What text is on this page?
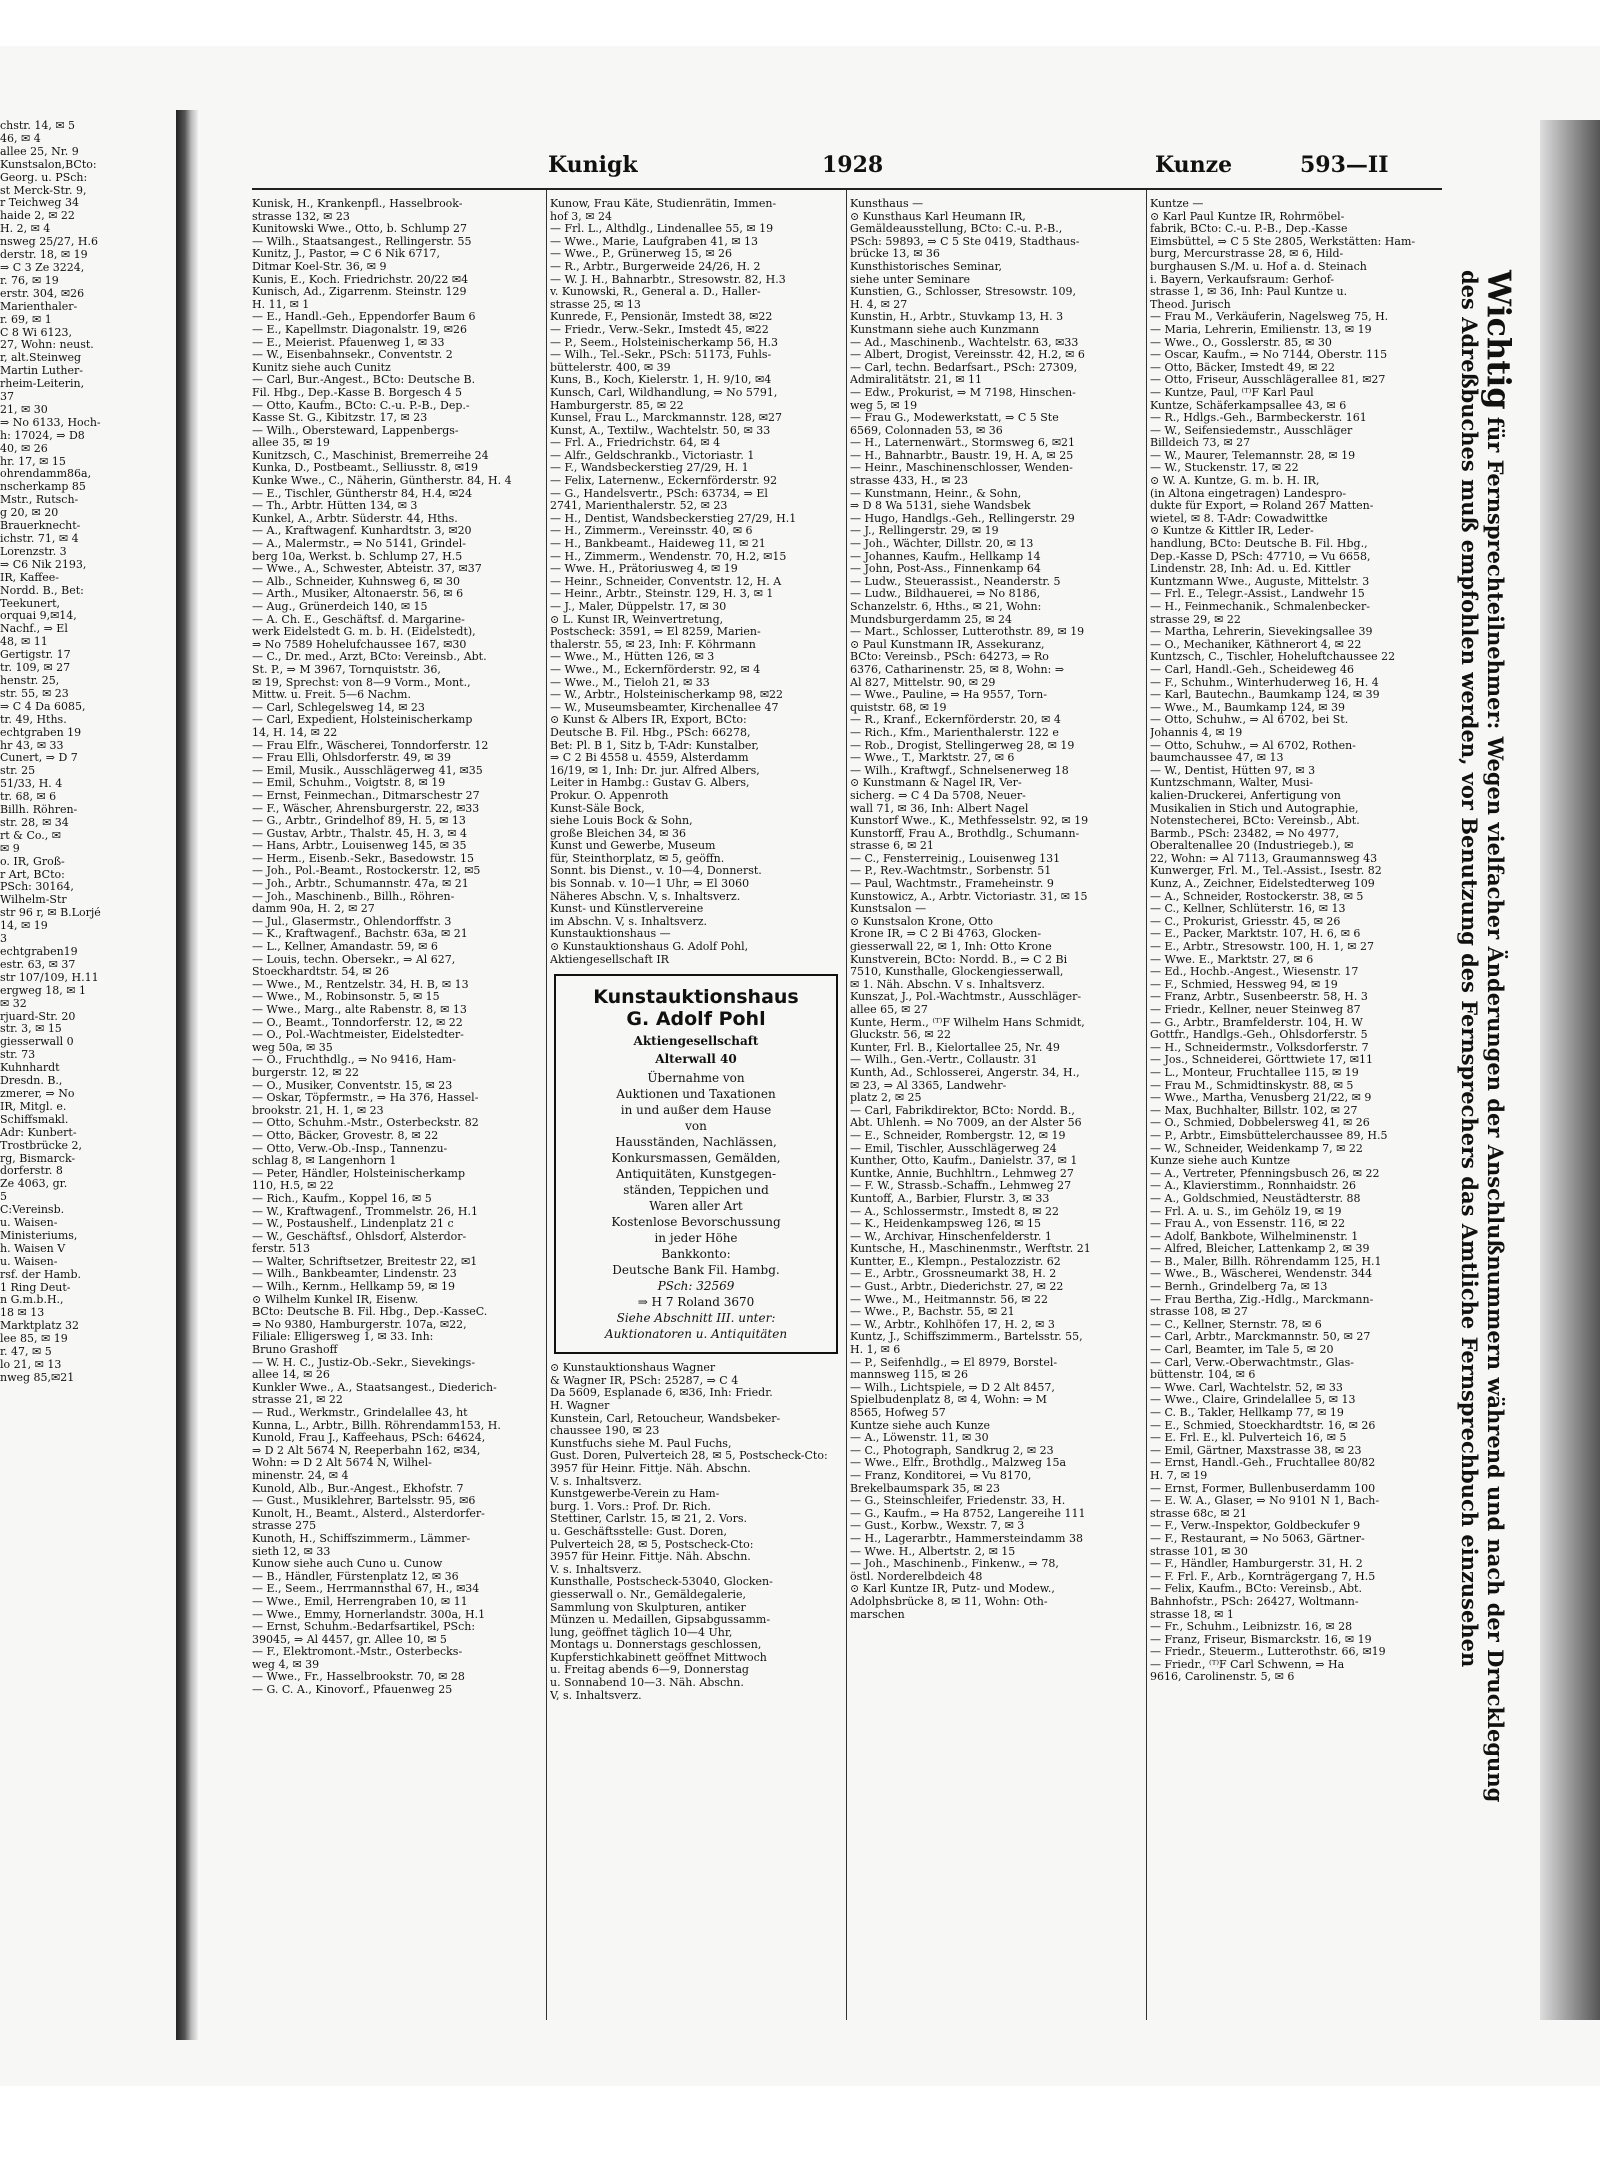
chstr. 14, ✉ 5
46, ✉ 4
allee 25, Nr. 9
Kunstsalon,BCto:
Georg. u. PSch:
st Merck-Str. 9,
r Teichweg 34
haide 2, ✉ 22
H. 2, ✉ 4
nsweg 25/27, H.6
derstr. 18, ✉ 19
⇒ C 3 Ze 3224,
r. 76, ✉ 19
erstr. 304, ✉26
Marienthaler-
r. 69, ✉ 1
C 8 Wi 6123,
27, Wohn: neust.
r, alt.Steinweg
Martin Luther-
rheim-Leiterin,
37
21, ✉ 30
⇒ No 6133, Hoch-
h: 17024, ⇒ D8
40, ✉ 26
hr. 17, ✉ 15
ohrendamm86a,
nscherkamp 85
Mstr., Rutsch-
g 20, ✉ 20
Brauerknecht-
ichstr. 71, ✉ 4
Lorenzstr. 3
⇒ C6 Nik 2193,
IR, Kaffee-
Nordd. B., Bet:
Teekunert,
orquai 9,✉14,
Nachf., ⇒ El
48, ✉ 11
Gertigstr. 17
tr. 109, ✉ 27
henstr. 25,
str. 55, ✉ 23
⇒ C 4 Da 6085,
tr. 49, Hths.
echtgraben 19
hr 43, ✉ 33
Cunert, ⇒ D 7
str. 25
51/33, H. 4
tr. 68, ✉ 6
Billh. Röhren-
str. 28, ✉ 34
rt & Co., ✉
✉ 9
o. IR, Groß-
r Art, BCto:
PSch: 30164,
Wilhelm-Str
str 96 r, ✉ B.Lorjé
14, ✉ 19
3
echtgraben19
estr. 63, ✉ 37
str 107/109, H.11
ergweg 18, ✉ 1
✉ 32
rjuard-Str. 20
str. 3, ✉ 15
giesserwall 0
str. 73
Kuhnhardt
Dresdn. B.,
zmerer, ⇒ No
IR, Mitgl. e.
Schiffsmakl.
Adr: Kunbert-
Trostbrücke 2,
rg, Bismarck-
dorferstr. 8
Ze 4063, gr.
5
C:Vereinsb.
u. Waisen-
Ministeriums,
h. Waisen V
u. Waisen-
rsf. der Hamb.
1 Ring Deut-
n G.m.b.H.,
18 ✉ 13
Marktplatz 32
lee 85, ✉ 19
r. 47, ✉ 5
lo 21, ✉ 13
nweg 85,✉21
Kunigk	1928	Kunze	593—II
Kunisk, H., Krankenpfl., Hasselbrook-
strasse 132, ✉ 23
Kunitowski Wwe., Otto, b. Schlump 27
— Wilh., Staatsangest., Rellingerstr. 55
Kunitz, J., Pastor, ⇒ C 6 Nik 6717,
Ditmar Koel-Str. 36, ✉ 9
Kunis, E., Koch. Friedrichstr. 20/22 ✉4
Kunisch, Ad., Zigarrenm. Steinstr. 129
H. 11, ✉ 1
— E., Handl.-Geh., Eppendorfer Baum 6
— E., Kapellmstr. Diagonalstr. 19, ✉26
— E., Meierist. Pfauenweg 1, ✉ 33
— W., Eisenbahnsekr., Conventstr. 2
Kunitz siehe auch Cunitz
— Carl, Bur.-Angest., BCto: Deutsche B.
Fil. Hbg., Dep.-Kasse B. Borgesch 4 5
— Otto, Kaufm., BCto: C.-u. P.-B., Dep.-
Kasse St. G., Kibitzstr. 17, ✉ 23
— Wilh., Obersteward, Lappenbergs-
allee 35, ✉ 19
Kunitzsch, C., Maschinist, Bremerreihe 24
Kunka, D., Postbeamt., Selliusstr. 8, ✉19
Kunke Wwe., C., Näherin, Güntherstr. 84, H. 4
— E., Tischler, Güntherstr 84, H.4, ✉24
— Th., Arbtr. Hütten 134, ✉ 3
Kunkel, A., Arbtr. Süderstr. 44, Hths.
— A., Kraftwagenf. Kunhardtstr. 3, ✉20
— A., Malermstr., ⇒ No 5141, Grindel-
berg 10a, Werkst. b. Schlump 27, H.5
— Wwe., A., Schwester, Abteistr. 37, ✉37
— Alb., Schneider, Kuhnsweg 6, ✉ 30
— Arth., Musiker, Altonaerstr. 56, ✉ 6
— Aug., Grünerdeich 140, ✉ 15
— A. Ch. E., Geschäftsf. d. Margarine-
werk Eidelstedt G. m. b. H. (Eidelstedt),
⇒ No 7589 Hohelufchaussee 167, ✉30
— C., Dr. med., Arzt, BCto: Vereinsb., Abt.
St. P., ⇒ M 3967, Tornquiststr. 36,
✉ 19, Sprechst: von 8—9 Vorm., Mont.,
Mittw. u. Freit. 5—6 Nachm.
— Carl, Schlegelsweg 14, ✉ 23
— Carl, Expedient, Holsteinischerkamp
14, H. 14, ✉ 22
— Frau Elfr., Wäscherei, Tonndorferstr. 12
— Frau Elli, Ohlsdorferstr. 49, ✉ 39
— Emil, Musik., Ausschlägerweg 41, ✉35
— Emil, Schuhm., Voigtstr. 8, ✉ 19
— Ernst, Feinmechan., Ditmarschestr 27
— F., Wäscher, Ahrensburgerstr. 22, ✉33
— G., Arbtr., Grindelhof 89, H. 5, ✉ 13
— Gustav, Arbtr., Thalstr. 45, H. 3, ✉ 4
— Hans, Arbtr., Louisenweg 145, ✉ 35
— Herm., Eisenb.-Sekr., Basedowstr. 15
— Joh., Pol.-Beamt., Rostockerstr. 12, ✉5
— Joh., Arbtr., Schumannstr. 47a, ✉ 21
— Joh., Maschinenb., Billh., Röhren-
damm 90a, H. 2, ✉ 27
— Jul., Glasermstr., Ohlendorffstr. 3
— K., Kraftwagenf., Bachstr. 63a, ✉ 21
— L., Kellner, Amandastr. 59, ✉ 6
— Louis, techn. Obersekr., ⇒ Al 627,
Stoeckhardtstr. 54, ✉ 26
— Wwe., M., Rentzelstr. 34, H. B, ✉ 13
— Wwe., M., Robinsonstr. 5, ✉ 15
— Wwe., Marg., alte Rabenstr. 8, ✉ 13
— O., Beamt., Tonndorferstr. 12, ✉ 22
— O., Pol.-Wachtmeister, Eidelstedter-
weg 50a, ✉ 35
— O., Fruchthdlg., ⇒ No 9416, Ham-
burgerstr. 12, ✉ 22
— O., Musiker, Conventstr. 15, ✉ 23
— Oskar, Töpfermstr., ⇒ Ha 376, Hassel-
brookstr. 21, H. 1, ✉ 23
— Otto, Schuhm.-Mstr., Osterbeckstr. 82
— Otto, Bäcker, Grovestr. 8, ✉ 22
— Otto, Verw.-Ob.-Insp., Tannenzu-
schlag 8, ✉ Langenhorn 1
— Peter, Händler, Holsteinischerkamp
110, H.5, ✉ 22
— Rich., Kaufm., Koppel 16, ✉ 5
— W., Kraftwagenf., Trommelstr. 26, H.1
— W., Postaushelf., Lindenplatz 21 c
— W., Geschäftsf., Ohlsdorf, Alsterdor-
ferstr. 513
— Walter, Schriftsetzer, Breitestr 22, ✉1
— Wilh., Bankbeamter, Lindenstr. 23
— Wilh., Kernm., Hellkamp 59, ✉ 19
⊙ Wilhelm Kunkel IR, Eisenw.
BCto: Deutsche B. Fil. Hbg., Dep.-KasseC.
⇒ No 9380, Hamburgerstr. 107a, ✉22,
Filiale: Elligersweg 1, ✉ 33. Inh:
Bruno Grashoff
— W. H. C., Justiz-Ob.-Sekr., Sievekings-
allee 14, ✉ 26
Kunkler Wwe., A., Staatsangest., Diederich-
strasse 21, ✉ 22
— Rud., Werkmstr., Grindelallee 43, ht
Kunna, L., Arbtr., Billh. Röhrendamm153, H.
Kunold, Frau J., Kaffeehaus, PSch: 64624,
⇒ D 2 Alt 5674 N, Reeperbahn 162, ✉34,
Wohn: ⇒ D 2 Alt 5674 N, Wilhel-
minenstr. 24, ✉ 4
Kunold, Alb., Bur.-Angest., Ekhofstr. 7
— Gust., Musiklehrer, Bartelsstr. 95, ✉6
Kunolt, H., Beamt., Alsterd., Alsterdorfer-
strasse 275
Kunoth, H., Schiffszimmerm., Lämmer-
sieth 12, ✉ 33
Kunow siehe auch Cuno u. Cunow
— B., Händler, Fürstenplatz 12, ✉ 36
— E., Seem., Herrmannsthal 67, H., ✉34
— Wwe., Emil, Herrengraben 10, ✉ 11
— Wwe., Emmy, Hornerlandstr. 300a, H.1
— Ernst, Schuhm.-Bedarfsartikel, PSch:
39045, ⇒ Al 4457, gr. Allee 10, ✉ 5
— F., Elektromont.-Mstr., Osterbecks-
weg 4, ✉ 39
— Wwe., Fr., Hasselbrookstr. 70, ✉ 28
— G. C. A., Kinovorf., Pfauenweg 25
Kunow, Frau Käte, Studienrätin, Immen-
hof 3, ✉ 24
— Frl. L., Althdlg., Lindenallee 55, ✉ 19
— Wwe., Marie, Laufgraben 41, ✉ 13
— Wwe., P., Grünerweg 15, ✉ 26
— R., Arbtr., Burgerweide 24/26, H. 2
— W. J. H., Bahnarbtr., Stresowstr. 82, H.3
v. Kunowski, R., General a. D., Haller-
strasse 25, ✉ 13
Kunrede, F., Pensionär, Imstedt 38, ✉22
— Friedr., Verw.-Sekr., Imstedt 45, ✉22
— P., Seem., Holsteinischerkamp 56, H.3
— Wilh., Tel.-Sekr., PSch: 51173, Fuhls-
büttelerstr. 400, ✉ 39
Kuns, B., Koch, Kielerstr. 1, H. 9/10, ✉4
Kunsch, Carl, Wildhandlung, ⇒ No 5791,
Hamburgerstr. 85, ✉ 22
Kunsel, Frau L., Marckmannstr. 128, ✉27
Kunst, A., Textilw., Wachtelstr. 50, ✉ 33
— Frl. A., Friedrichstr. 64, ✉ 4
— Alfr., Geldschrankb., Victoriastr. 1
— F., Wandsbeckerstieg 27/29, H. 1
— Felix, Laternenw., Eckernförderstr. 92
— G., Handelsvertr., PSch: 63734, ⇒ El
2741, Marienthalerstr. 52, ✉ 23
— H., Dentist, Wandsbeckerstieg 27/29, H.1
— H., Zimmerm., Vereinsstr. 40, ✉ 6
— H., Bankbeamt., Haideweg 11, ✉ 21
— H., Zimmerm., Wendenstr. 70, H.2, ✉15
— Wwe. H., Prätoriusweg 4, ✉ 19
— Heinr., Schneider, Conventstr. 12, H. A
— Heinr., Arbtr., Steinstr. 129, H. 3, ✉ 1
— J., Maler, Düppelstr. 17, ✉ 30
⊙ L. Kunst IR, Weinvertretung,
Postscheck: 3591, ⇒ El 8259, Marien-
thalerstr. 55, ✉ 23, Inh: F. Köhrmann
— Wwe., M., Hütten 126, ✉ 3
— Wwe., M., Eckernförderstr. 92, ✉ 4
— Wwe., M., Tieloh 21, ✉ 33
— W., Arbtr., Holsteinischerkamp 98, ✉22
— W., Museumsbeamter, Kirchenallee 47
⊙ Kunst & Albers IR, Export, BCto:
Deutsche B. Fil. Hbg., PSch: 66278,
Bet: Pl. B 1, Sitz b, T-Adr: Kunstalber,
⇒ C 2 Bi 4558 u. 4559, Alsterdamm
16/19, ✉ 1, Inh: Dr. jur. Alfred Albers,
Leiter in Hambg.: Gustav G. Albers,
Prokur. O. Appenroth
Kunst-Säle Bock,
siehe Louis Bock & Sohn,
große Bleichen 34, ✉ 36
Kunst und Gewerbe, Museum
für, Steinthorplatz, ✉ 5, geöffn.
Sonnt. bis Dienst., v. 10—4, Donnerst.
bis Sonnab. v. 10—1 Uhr, ⇒ El 3060
Näheres Abschn. V, s. Inhaltsverz.
Kunst- und Künstlervereine
im Abschn. V, s. Inhaltsverz.
Kunstauktionshaus —
⊙ Kunstauktionshaus G. Adolf Pohl,
Aktiengesellschaft IR
Kunstauktionshaus
G. Adolf Pohl
Aktiengesellschaft
Alterwall 40
Übernahme von
Auktionen und Taxationen
in und außer dem Hause
von
Hausständen, Nachlässen,
Konkursmassen, Gemälden,
Antiquitäten, Kunstgegen-
ständen, Teppichen und
Waren aller Art
Kostenlose Bevorschussung
in jeder Höhe
Bankkonto:
Deutsche Bank Fil. Hambg.
PSch: 32569
⇒ H 7 Roland 3670
Siehe Abschnitt III. unter:
Auktionatoren u. Antiquitäten
⊙ Kunstauktionshaus Wagner
& Wagner IR, PSch: 25287, ⇒ C 4
Da 5609, Esplanade 6, ✉36, Inh: Friedr.
H. Wagner
Kunstein, Carl, Retoucheur, Wandsbeker-
chaussee 190, ✉ 23
Kunstfuchs siehe M. Paul Fuchs,
Gust. Doren, Pulverteich 28, ✉ 5, Postscheck-Cto:
3957 für Heinr. Fittje. Näh. Abschn.
V. s. Inhaltsverz.
Kunstgewerbe-Verein zu Ham-
burg. 1. Vors.: Prof. Dr. Rich.
Stettiner, Carlstr. 15, ✉ 21, 2. Vors.
u. Geschäftsstelle: Gust. Doren,
Pulverteich 28, ✉ 5, Postscheck-Cto:
3957 für Heinr. Fittje. Näh. Abschn.
V. s. Inhaltsverz.
Kunsthalle, Postscheck-53040, Glocken-
giesserwall o. Nr., Gemäldegalerie,
Sammlung von Skulpturen, antiker
Münzen u. Medaillen, Gipsabgussamm-
lung, geöffnet täglich 10—4 Uhr,
Montags u. Donnerstags geschlossen,
Kupferstichkabinett geöffnet Mittwoch
u. Freitag abends 6—9, Donnerstag
u. Sonnabend 10—3. Näh. Abschn.
V, s. Inhaltsverz.
Kunsthaus —
⊙ Kunsthaus Karl Heumann IR,
Gemäldeausstellung, BCto: C.-u. P.-B.,
PSch: 59893, ⇒ C 5 Ste 0419, Stadthaus-
brücke 13, ✉ 36
Kunsthistorisches Seminar,
siehe unter Seminare
Kunstien, G., Schlosser, Stresowstr. 109,
H. 4, ✉ 27
Kunstin, H., Arbtr., Stuvkamp 13, H. 3
Kunstmann siehe auch Kunzmann
— Ad., Maschinenb., Wachtelstr. 63, ✉33
— Albert, Drogist, Vereinsstr. 42, H.2, ✉ 6
— Carl, techn. Bedarfsart., PSch: 27309,
Admiralitätstr. 21, ✉ 11
— Edw., Prokurist, ⇒ M 7198, Hinschen-
weg 5, ✉ 19
— Frau G., Modewerkstatt, ⇒ C 5 Ste
6569, Colonnaden 53, ✉ 36
— H., Laternenwärt., Stormsweg 6, ✉21
— H., Bahnarbtr., Baustr. 19, H. A, ✉ 25
— Heinr., Maschinenschlosser, Wenden-
strasse 433, H., ✉ 23
— Kunstmann, Heinr., & Sohn,
⇒ D 8 Wa 5131, siehe Wandsbek
— Hugo, Handlgs.-Geh., Rellingerstr. 29
— J., Rellingerstr. 29, ✉ 19
— Joh., Wächter, Dillstr. 20, ✉ 13
— Johannes, Kaufm., Hellkamp 14
— John, Post-Ass., Finnenkamp 64
— Ludw., Steuerassist., Neanderstr. 5
— Ludw., Bildhauerei, ⇒ No 8186,
Schanzelstr. 6, Hths., ✉ 21, Wohn:
Mundsburgerdamm 25, ✉ 24
— Mart., Schlosser, Lutterothstr. 89, ✉ 19
⊙ Paul Kunstmann IR, Assekuranz,
BCto: Vereinsb., PSch: 64273, ⇒ Ro
6376, Catharinenstr. 25, ✉ 8, Wohn: ⇒
Al 827, Mittelstr. 90, ✉ 29
— Wwe., Pauline, ⇒ Ha 9557, Torn-
quiststr. 68, ✉ 19
— R., Kranf., Eckernförderstr. 20, ✉ 4
— Rich., Kfm., Marienthalerstr. 122 e
— Rob., Drogist, Stellingerweg 28, ✉ 19
— Wwe., T., Marktstr. 27, ✉ 6
— Wilh., Kraftwgf., Schnelsenerweg 18
⊙ Kunstmann & Nagel IR, Ver-
sicherg. ⇒ C 4 Da 5708, Neuer-
wall 71, ✉ 36, Inh: Albert Nagel
Kunstorf Wwe., K., Methfesselstr. 92, ✉ 19
Kunstorff, Frau A., Brothdlg., Schumann-
strasse 6, ✉ 21
— C., Fensterreinig., Louisenweg 131
— P., Rev.-Wachtmstr., Sorbenstr. 51
— Paul, Wachtmstr., Frameheinstr. 9
Kunstowicz, A., Arbtr. Victoriastr. 31, ✉ 15
Kunstsalon —
⊙ Kunstsalon Krone, Otto
Krone IR, ⇒ C 2 Bi 4763, Glocken-
giesserwall 22, ✉ 1, Inh: Otto Krone
Kunstverein, BCto: Nordd. B., ⇒ C 2 Bi
7510, Kunsthalle, Glockengiesserwall,
✉ 1. Näh. Abschn. V s. Inhaltsverz.
Kunszat, J., Pol.-Wachtmstr., Ausschläger-
allee 65, ✉ 27
Kunte, Herm., ⁽ᵀ⁾F Wilhelm Hans Schmidt,
Gluckstr. 56, ✉ 22
Kunter, Frl. B., Kielortallee 25, Nr. 49
— Wilh., Gen.-Vertr., Collaustr. 31
Kunth, Ad., Schlosserei, Angerstr. 34, H.,
✉ 23, ⇒ Al 3365, Landwehr-
platz 2, ✉ 25
— Carl, Fabrikdirektor, BCto: Nordd. B.,
Abt. Uhlenh. ⇒ No 7009, an der Alster 56
— E., Schneider, Rombergstr. 12, ✉ 19
— Emil, Tischler, Ausschlägerweg 24
Kunther, Otto, Kaufm., Danielstr. 37, ✉ 1
Kuntke, Annie, Buchhltrn., Lehmweg 27
— F. W., Strassb.-Schaffn., Lehmweg 27
Kuntoff, A., Barbier, Flurstr. 3, ✉ 33
— A., Schlossermstr., Imstedt 8, ✉ 22
— K., Heidenkampsweg 126, ✉ 15
— W., Archivar, Hinschenfelderstr. 1
Kuntsche, H., Maschinenmstr., Werftstr. 21
Kuntter, E., Klempn., Pestalozzistr. 62
— E., Arbtr., Grossneumarkt 38, H. 2
— Gust., Arbtr., Diederichstr. 27, ✉ 22
— Wwe., M., Heitmannstr. 56, ✉ 22
— Wwe., P., Bachstr. 55, ✉ 21
— W., Arbtr., Kohlhöfen 17, H. 2, ✉ 3
Kuntz, J., Schiffszimmerm., Bartelsstr. 55,
H. 1, ✉ 6
— P., Seifenhdlg., ⇒ El 8979, Borstel-
mannsweg 115, ✉ 26
— Wilh., Lichtspiele, ⇒ D 2 Alt 8457,
Spielbudenplatz 8, ✉ 4, Wohn: ⇒ M
8565, Hofweg 57
Kuntze siehe auch Kunze
— A., Löwenstr. 11, ✉ 30
— C., Photograph, Sandkrug 2, ✉ 23
— Wwe., Elfr., Brothdlg., Malzweg 15a
— Franz, Konditorei, ⇒ Vu 8170,
Brekelbaumspark 35, ✉ 23
— G., Steinschleifer, Friedenstr. 33, H.
— G., Kaufm., ⇒ Ha 8752, Langereihe 111
— Gust., Korbw., Wexstr. 7, ✉ 3
— H., Lagerarbtr., Hammersteindamm 38
— Wwe. H., Albertstr. 2, ✉ 15
— Joh., Maschinenb., Finkenw., ⇒ 78,
östl. Norderelbdeich 48
⊙ Karl Kuntze IR, Putz- und Modew.,
Adolphsbrücke 8, ✉ 11, Wohn: Oth-
marschen
Kuntze —
⊙ Karl Paul Kuntze IR, Rohrmöbel-
fabrik, BCto: C.-u. P.-B., Dep.-Kasse
Eimsbüttel, ⇒ C 5 Ste 2805, Werkstätten: Ham-
burg, Mercurstrasse 28, ✉ 6, Hild-
burghausen S./M. u. Hof a. d. Steinach
i. Bayern, Verkaufsraum: Gerhof-
strasse 1, ✉ 36, Inh: Paul Kuntze u.
Theod. Jurisch
— Frau M., Verkäuferin, Nagelsweg 75, H.
— Maria, Lehrerin, Emilienstr. 13, ✉ 19
— Wwe., O., Gosslerstr. 85, ✉ 30
— Oscar, Kaufm., ⇒ No 7144, Oberstr. 115
— Otto, Bäcker, Imstedt 49, ✉ 22
— Otto, Friseur, Ausschlägerallee 81, ✉27
— Kuntze, Paul, ⁽ᵀ⁾F Karl Paul
Kuntze, Schäferkampsallee 43, ✉ 6
— R., Hdlgs.-Geh., Barmbeckerstr. 161
— W., Seifensiedemstr., Ausschläger
Billdeich 73, ✉ 27
— W., Maurer, Telemannstr. 28, ✉ 19
— W., Stuckenstr. 17, ✉ 22
⊙ W. A. Kuntze, G. m. b. H. IR,
(in Altona eingetragen) Landespro-
dukte für Export, ⇒ Roland 267 Matten-
wietel, ✉ 8. T-Adr: Cowadwittke
⊙ Kuntze & Kittler IR, Leder-
handlung, BCto: Deutsche B. Fil. Hbg.,
Dep.-Kasse D, PSch: 47710, ⇒ Vu 6658,
Lindenstr. 28, Inh: Ad. u. Ed. Kittler
Kuntzmann Wwe., Auguste, Mittelstr. 3
— Frl. E., Telegr.-Assist., Landwehr 15
— H., Feinmechanik., Schmalenbecker-
strasse 29, ✉ 22
— Martha, Lehrerin, Sievekingsallee 39
— O., Mechaniker, Käthnerort 4, ✉ 22
Kuntzsch, C., Tischler, Hoheluftchaussee 22
— Carl, Handl.-Geh., Scheideweg 46
— F., Schuhm., Winterhuderweg 16, H. 4
— Karl, Bautechn., Baumkamp 124, ✉ 39
— Wwe., M., Baumkamp 124, ✉ 39
— Otto, Schuhw., ⇒ Al 6702, bei St.
Johannis 4, ✉ 19
— Otto, Schuhw., ⇒ Al 6702, Rothen-
baumchaussee 47, ✉ 13
— W., Dentist, Hütten 97, ✉ 3
Kuntzschmann, Walter, Musi-
kalien-Druckerei, Anfertigung von
Musikalien in Stich und Autographie,
Notenstecherei, BCto: Vereinsb., Abt.
Barmb., PSch: 23482, ⇒ No 4977,
Oberaltenallee 20 (Industriegeb.), ✉
22, Wohn: ⇒ Al 7113, Graumannsweg 43
Kunwerger, Frl. M., Tel.-Assist., Isestr. 82
Kunz, A., Zeichner, Eidelstedterweg 109
— A., Schneider, Rostockerstr. 38, ✉ 5
— C., Kellner, Schlüterstr. 16, ✉ 13
— C., Prokurist, Griesstr. 45, ✉ 26
— E., Packer, Marktstr. 107, H. 6, ✉ 6
— E., Arbtr., Stresowstr. 100, H. 1, ✉ 27
— Wwe. E., Marktstr. 27, ✉ 6
— Ed., Hochb.-Angest., Wiesenstr. 17
— F., Schmied, Hessweg 94, ✉ 19
— Franz, Arbtr., Susenbeerstr. 58, H. 3
— Friedr., Kellner, neuer Steinweg 87
— G., Arbtr., Bramfelderstr. 104, H. W
Gottfr., Handlgs.-Geh., Ohlsdorferstr. 5
— H., Schneidermstr., Volksdorferstr. 7
— Jos., Schneiderei, Görttwiete 17, ✉11
— L., Monteur, Fruchtallee 115, ✉ 19
— Frau M., Schmidtinskystr. 88, ✉ 5
— Wwe., Martha, Venusberg 21/22, ✉ 9
— Max, Buchhalter, Billstr. 102, ✉ 27
— O., Schmied, Dobbelersweg 41, ✉ 26
— P., Arbtr., Eimsbüttelerchaussee 89, H.5
— W., Schneider, Weidenkamp 7, ✉ 22
Kunze siehe auch Kuntze
— A., Vertreter, Pfenningsbusch 26, ✉ 22
— A., Klavierstimm., Ronnhaidstr. 26
— A., Goldschmied, Neustädterstr. 88
— Frl. A. u. S., im Gehölz 19, ✉ 19
— Frau A., von Essenstr. 116, ✉ 22
— Adolf, Bankbote, Wilhelminenstr. 1
— Alfred, Bleicher, Lattenkamp 2, ✉ 39
— B., Maler, Billh. Röhrendamm 125, H.1
— Wwe., B., Wäscherei, Wendenstr. 344
— Bernh., Grindelberg 7a, ✉ 13
— Frau Bertha, Zig.-Hdlg., Marckmann-
strasse 108, ✉ 27
— C., Kellner, Sternstr. 78, ✉ 6
— Carl, Arbtr., Marckmannstr. 50, ✉ 27
— Carl, Beamter, im Tale 5, ✉ 20
— Carl, Verw.-Oberwachtmstr., Glas-
büttenstr. 104, ✉ 6
— Wwe. Carl, Wachtelstr. 52, ✉ 33
— Wwe., Claire, Grindelallee 5, ✉ 13
— C. B., Takler, Hellkamp 77, ✉ 19
— E., Schmied, Stoeckhardtstr. 16, ✉ 26
— E. Frl. E., kl. Pulverteich 16, ✉ 5
— Emil, Gärtner, Maxstrasse 38, ✉ 23
— Ernst, Handl.-Geh., Fruchtallee 80/82
H. 7, ✉ 19
— Ernst, Former, Bullenbuserdamm 100
— E. W. A., Glaser, ⇒ No 9101 N 1, Bach-
strasse 68c, ✉ 21
— F., Verw.-Inspektor, Goldbeckufer 9
— F., Restaurant, ⇒ No 5063, Gärtner-
strasse 101, ✉ 30
— F., Händler, Hamburgerstr. 31, H. 2
— F. Frl. F., Arb., Kornträgergang 7, H.5
— Felix, Kaufm., BCto: Vereinsb., Abt.
Bahnhofstr., PSch: 26427, Woltmann-
strasse 18, ✉ 1
— Fr., Schuhm., Leibnizstr. 16, ✉ 28
— Franz, Friseur, Bismarckstr. 16, ✉ 19
— Friedr., Steuerm., Lutterothstr. 66, ✉19
— Friedr., ⁽ᵀ⁾F Carl Schwenn, ⇒ Ha
9616, Carolinenstr. 5, ✉ 6
Wichtig für Fernsprechteilnehmer: Wegen vielfacher Änderungen der Anschlußnummern während und nach der Drucklegung
des Adreßbuches muß empfohlen werden, vor Benutzung des Fernsprechers das Amtliche Fernsprechbuch einzusehen
